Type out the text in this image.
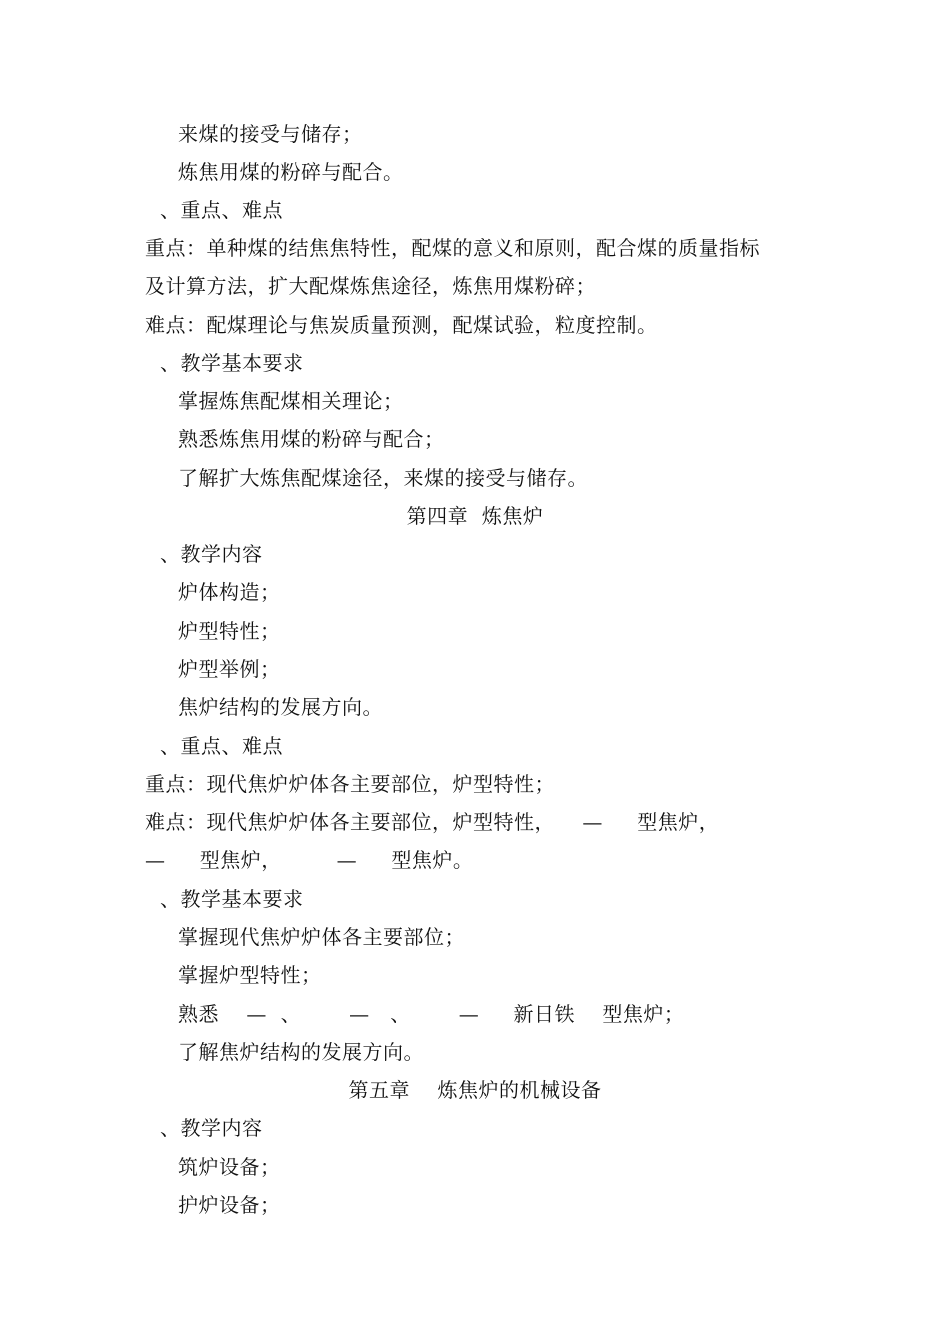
来煤的接受与储存；
炼焦用煤的粉碎与配合。
、重点、难点
重点：单种煤的结焦焦特性，配煤的意义和原则，配合煤的质量指标
及计算方法，扩大配煤炼焦途径，炼焦用煤粉碎；
难点：配煤理论与焦炭质量预测，配煤试验，粒度控制。
、教学基本要求
掌握炼焦配煤相关理论；
熟悉炼焦用煤的粉碎与配合；
了解扩大炼焦配煤途径，来煤的接受与储存。
第四章  炼焦炉
、教学内容
炉体构造；
炉型特性；
炉型举例；
焦炉结构的发展方向。
、重点、难点
重点：现代焦炉炉体各主要部位，炉型特性；
难点：现代焦炉炉体各主要部位，炉型特性，    —     型焦炉，
—     型焦炉，        —     型焦炉。
、教学基本要求
掌握现代焦炉炉体各主要部位；
掌握炉型特性；
熟悉    —  、       —   、       —     新日铁    型焦炉；
了解焦炉结构的发展方向。
第五章    炼焦炉的机械设备
、教学内容
筑炉设备；
护炉设备；
